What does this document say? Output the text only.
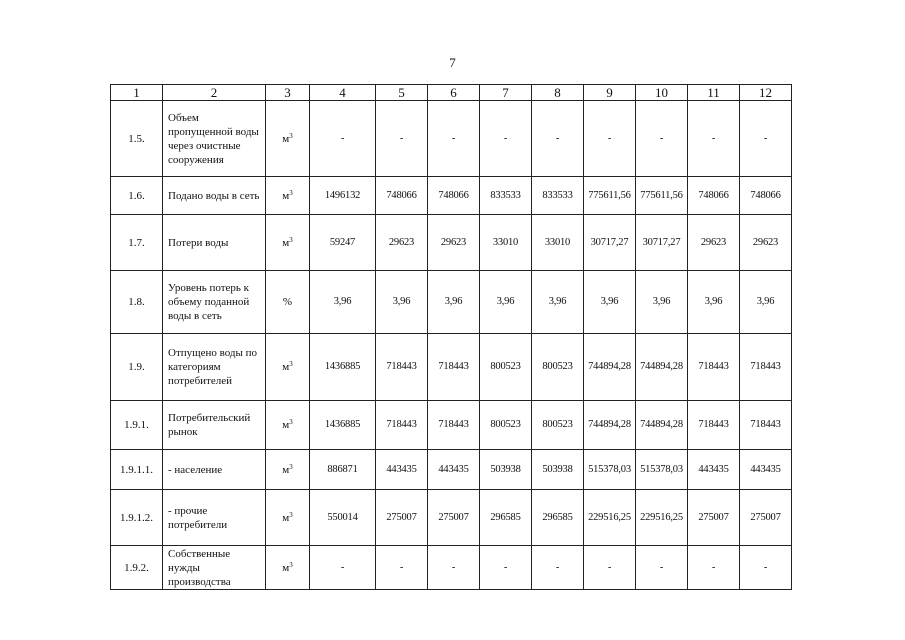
7
1	2	3	4	5	6	7	8	9	10	11	12
1.5.	Объем пропущенной воды через очистные сооружения	$м^3$	-	-	-	-	-	-	-	-	-
1.6.	Подано воды в сеть	$м^3$	1496132	748066	748066	833533	833533	775611,56	775611,56	748066	748066
1.7.	Потери воды	$м^3$	59247	29623	29623	33010	33010	30717,27	30717,27	29623	29623
1.8.	Уровень потерь к объему поданной воды в сеть	%	3,96	3,96	3,96	3,96	3,96	3,96	3,96	3,96	3,96
1.9.	Отпущено воды по категориям потребителей	$м^3$	1436885	718443	718443	800523	800523	744894,28	744894,28	718443	718443
1.9.1.	Потребительский рынок	$м^3$	1436885	718443	718443	800523	800523	744894,28	744894,28	718443	718443
1.9.1.1.	- население	$м^3$	886871	443435	443435	503938	503938	515378,03	515378,03	443435	443435
1.9.1.2.	- прочие потребители	$м^3$	550014	275007	275007	296585	296585	229516,25	229516,25	275007	275007
1.9.2.	Собственные нужды производства	$м^3$	-	-	-	-	-	-	-	-	-
